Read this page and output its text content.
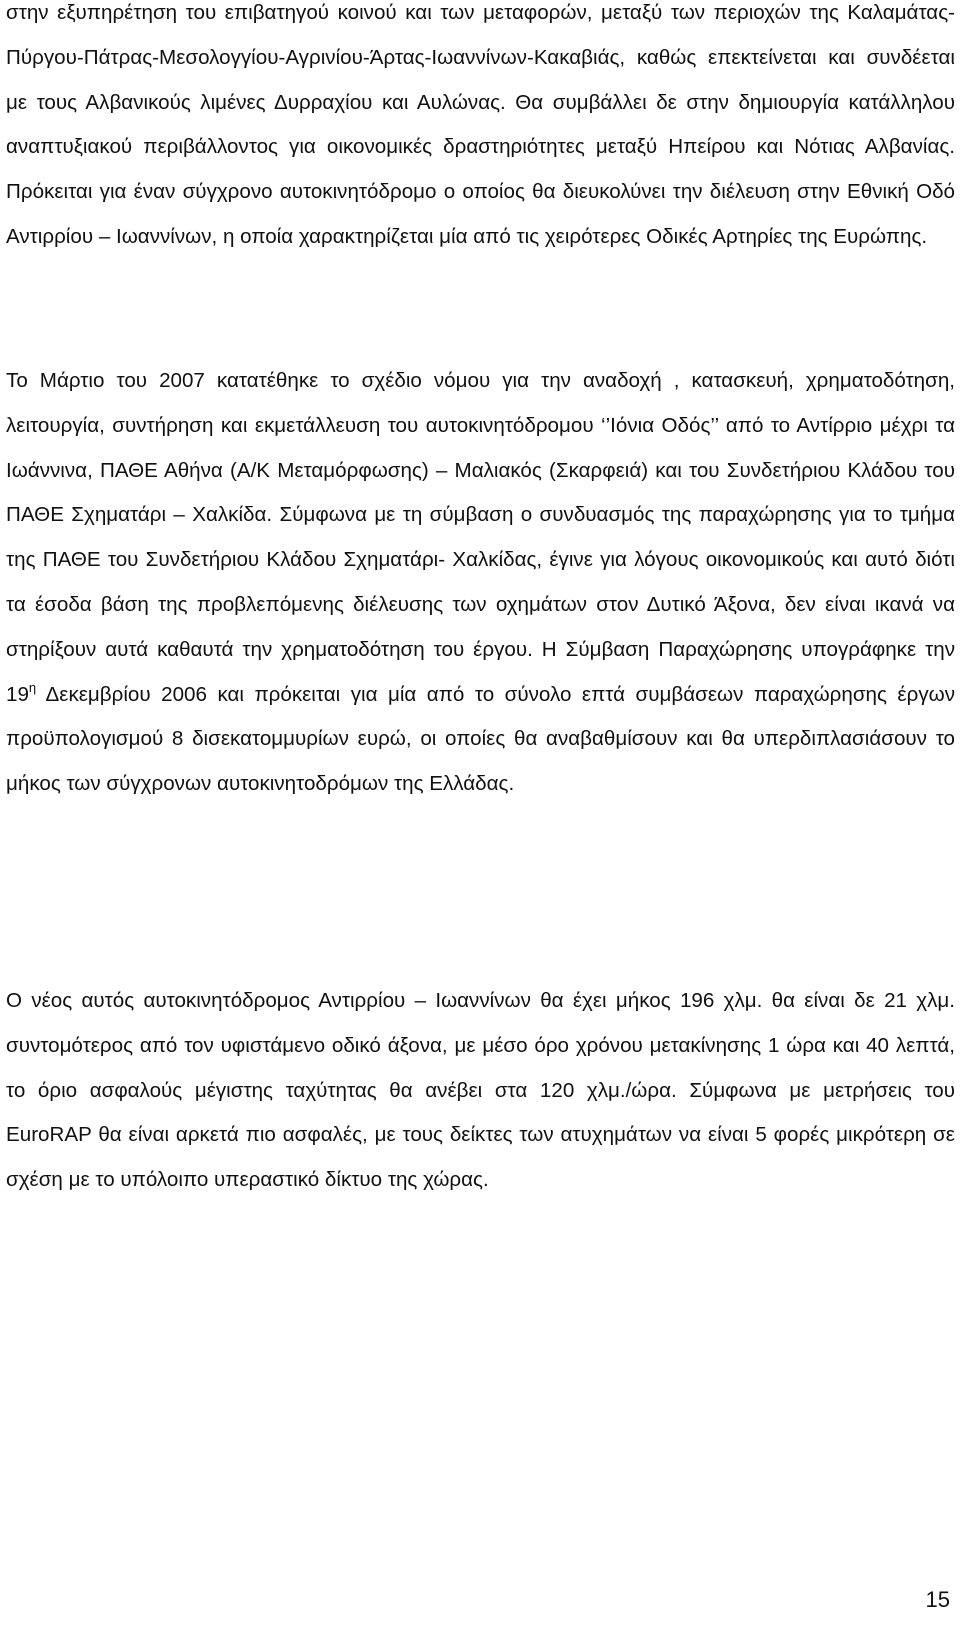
στην εξυπηρέτηση του επιβατηγού κοινού και των μεταφορών, μεταξύ των περιοχών της Καλαμάτας-Πύργου-Πάτρας-Μεσολογγίου-Αγρινίου-Άρτας-Ιωαννίνων-Κακαβιάς, καθώς επεκτείνεται και συνδέεται με τους Αλβανικούς λιμένες Δυρραχίου και Αυλώνας. Θα συμβάλλει δε στην δημιουργία κατάλληλου αναπτυξιακού περιβάλλοντος για οικονομικές δραστηριότητες μεταξύ Ηπείρου και Νότιας Αλβανίας. Πρόκειται για έναν σύγχρονο αυτοκινητόδρομο ο οποίος θα διευκολύνει την διέλευση στην Εθνική Οδό Αντιρρίου – Ιωαννίνων, η οποία χαρακτηρίζεται μία από τις χειρότερες Οδικές Αρτηρίες της Ευρώπης.

Το Μάρτιο του 2007 κατατέθηκε το σχέδιο νόμου για την αναδοχή , κατασκευή, χρηματοδότηση, λειτουργία, συντήρηση και εκμετάλλευση του αυτοκινητόδρομου ‘’Ιόνια Οδός’’ από το Αντίρριο μέχρι τα Ιωάννινα, ΠΑΘΕ Αθήνα (Α/Κ Μεταμόρφωσης) – Μαλιακός (Σκαρφειά) και του Συνδετήριου Κλάδου του ΠΑΘΕ Σχηματάρι – Χαλκίδα. Σύμφωνα με τη σύμβαση ο συνδυασμός της παραχώρησης για το τμήμα της ΠΑΘΕ του Συνδετήριου Κλάδου Σχηματάρι- Χαλκίδας, έγινε για λόγους οικονομικούς και αυτό διότι τα έσοδα βάση της προβλεπόμενης διέλευσης των οχημάτων στον Δυτικό Άξονα, δεν είναι ικανά να στηρίξουν αυτά καθαυτά την χρηματοδότηση του έργου. Η Σύμβαση Παραχώρησης υπογράφηκε την $19^\eta$ Δεκεμβρίου 2006 και πρόκειται για μία από το σύνολο επτά συμβάσεων παραχώρησης έργων προϋπολογισμού 8 δισεκατομμυρίων ευρώ, οι οποίες θα αναβαθμίσουν και θα υπερδιπλασιάσουν το μήκος των σύγχρονων αυτοκινητοδρόμων της Ελλάδας.

Ο νέος αυτός αυτοκινητόδρομος Αντιρρίου – Ιωαννίνων θα έχει μήκος 196 χλμ. θα είναι δε 21 χλμ. συντομότερος από τον υφιστάμενο οδικό άξονα, με μέσο όρο χρόνου μετακίνησης 1 ώρα και 40 λεπτά, το όριο ασφαλούς μέγιστης ταχύτητας θα ανέβει στα 120 χλμ./ώρα. Σύμφωνα με μετρήσεις του EuroRAP θα είναι αρκετά πιο ασφαλές, με τους δείκτες των ατυχημάτων να είναι 5 φορές μικρότερη σε σχέση με το υπόλοιπο υπεραστικό δίκτυο της χώρας.

15
